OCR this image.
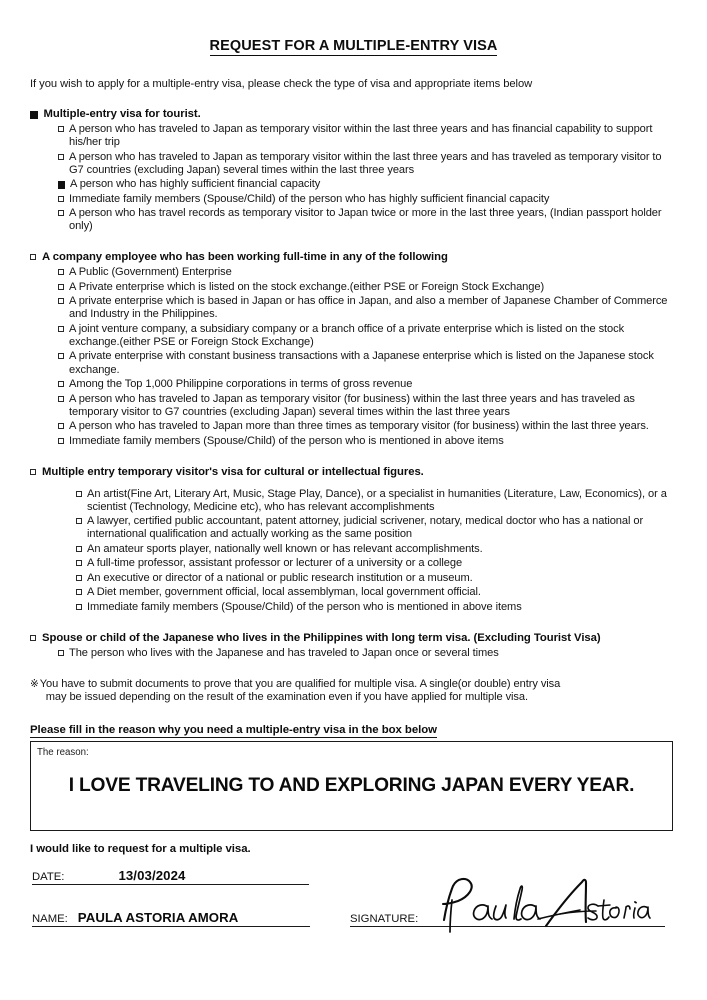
REQUEST FOR A MULTIPLE-ENTRY VISA
If you wish to apply for a multiple-entry visa, please check the type of visa and appropriate items below
Multiple-entry visa for tourist.
A person who has traveled to Japan as temporary visitor within the last three years and has financial capability to support his/her trip
A person who has traveled to Japan as temporary visitor within the last three years and has traveled as temporary visitor to G7 countries (excluding Japan) several times within the last three years
A person who has highly sufficient financial capacity
Immediate family members (Spouse/Child) of the person who has highly sufficient financial capacity
A person who has travel records as temporary visitor to Japan twice or more in the last three years, (Indian passport holder only)
A company employee who has been working full-time in any of the following
A Public (Government) Enterprise
A Private enterprise which is listed on the stock exchange.(either PSE or Foreign Stock Exchange)
A private enterprise which is based in Japan or has office in Japan, and also a member of Japanese Chamber of Commerce and Industry in the Philippines.
A joint venture company, a subsidiary company or a branch office of a private enterprise which is listed on the stock exchange.(either PSE or Foreign Stock Exchange)
A private enterprise with constant business transactions with a Japanese enterprise which is listed on the Japanese stock exchange.
Among the Top 1,000 Philippine corporations in terms of gross revenue
A person who has traveled to Japan as temporary visitor (for business) within the last three years and has traveled as temporary visitor to G7 countries (excluding Japan) several times within the last three years
A person who has traveled to Japan more than three times as temporary visitor (for business) within the last three years.
Immediate family members (Spouse/Child) of the person who is mentioned in above items
Multiple entry temporary visitor's visa for cultural or intellectual figures.
An artist(Fine Art, Literary Art, Music, Stage Play, Dance), or a specialist in humanities (Literature, Law, Economics), or a scientist (Technology, Medicine etc), who has relevant accomplishments
A lawyer, certified public accountant, patent attorney, judicial scrivener, notary, medical doctor who has a national or international qualification and actually working as the same position
An amateur sports player, nationally well known or has relevant accomplishments.
A full-time professor, assistant professor or lecturer of a university or a college
An executive or director of a national or public research institution or a museum.
A Diet member, government official, local assemblyman, local government official.
Immediate family members (Spouse/Child) of the person who is mentioned in above items
Spouse or child of the Japanese who lives in the Philippines with long term visa. (Excluding Tourist Visa)
The person who lives with the Japanese and has traveled to Japan once or several times
※ You have to submit documents to prove that you are qualified for multiple visa. A single(or double) entry visa
may be issued depending on the result of the examination even if you have applied for multiple visa.
Please fill in the reason why you need a multiple-entry visa in the box below
The reason:
I LOVE TRAVELING TO AND EXPLORING JAPAN EVERY YEAR.
I would like to request for a multiple visa.
DATE:	13/03/2024
NAME: PAULA ASTORIA AMORA	SIGNATURE:
